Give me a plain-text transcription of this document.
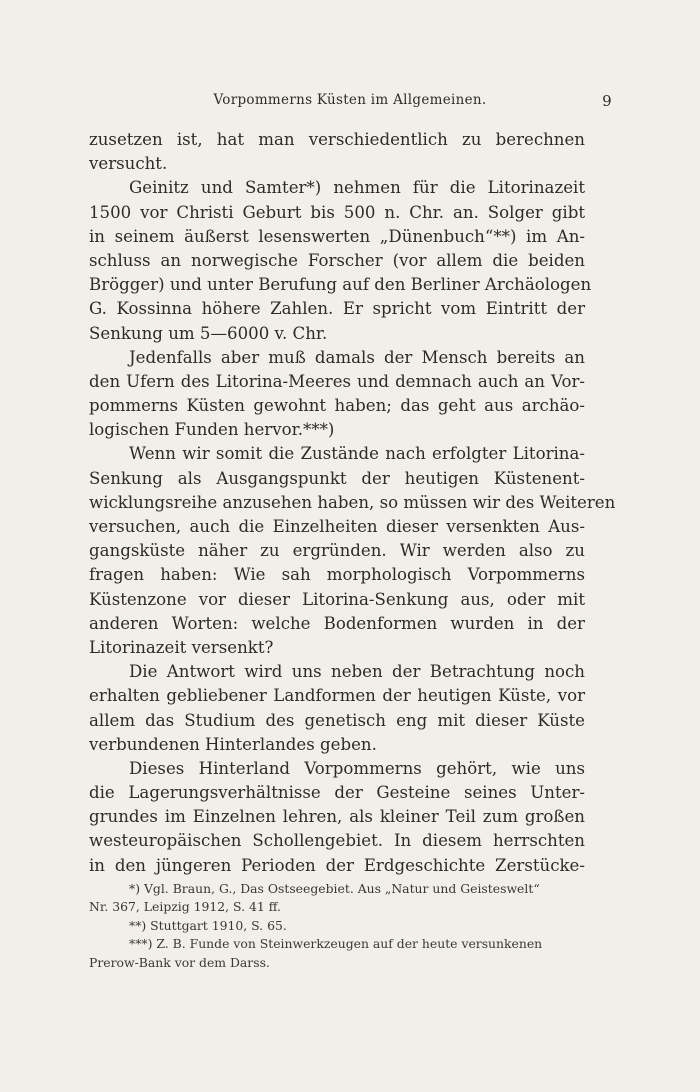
Vorpommerns Küsten im Allgemeinen.	9
zusetzen ist, hat man verschiedentlich zu berechnen
versucht.
Geinitz und Samter*) nehmen für die Litorinazeit
1500 vor Christi Geburt bis 500 n. Chr. an. Solger gibt
in seinem äußerst lesenswerten „Dünenbuch“**) im An-
schluss an norwegische Forscher (vor allem die beiden
Brögger) und unter Berufung auf den Berliner Archäologen
G. Kossinna höhere Zahlen. Er spricht vom Eintritt der
Senkung um 5—6000 v. Chr.
Jedenfalls aber muß damals der Mensch bereits an
den Ufern des Litorina-Meeres und demnach auch an Vor-
pommerns Küsten gewohnt haben; das geht aus archäo-
logischen Funden hervor.***)
Wenn wir somit die Zustände nach erfolgter Litorina-
Senkung als Ausgangspunkt der heutigen Küstenent-
wicklungsreihe anzusehen haben, so müssen wir des Weiteren
versuchen, auch die Einzelheiten dieser versenkten Aus-
gangsküste näher zu ergründen. Wir werden also zu
fragen haben: Wie sah morphologisch Vorpommerns
Küstenzone vor dieser Litorina-Senkung aus, oder mit
anderen Worten: welche Bodenformen wurden in der
Litorinazeit versenkt?
Die Antwort wird uns neben der Betrachtung noch
erhalten gebliebener Landformen der heutigen Küste, vor
allem das Studium des genetisch eng mit dieser Küste
verbundenen Hinterlandes geben.
Dieses Hinterland Vorpommerns gehört, wie uns
die Lagerungsverhältnisse der Gesteine seines Unter-
grundes im Einzelnen lehren, als kleiner Teil zum großen
westeuropäischen Schollengebiet. In diesem herrschten
in den jüngeren Perioden der Erdgeschichte Zerstücke-
*) Vgl. Braun, G., Das Ostseegebiet. Aus „Natur und Geisteswelt“
Nr. 367, Leipzig 1912, S. 41 ff.
**) Stuttgart 1910, S. 65.
***) Z. B. Funde von Steinwerkzeugen auf der heute versunkenen
Prerow-Bank vor dem Darss.
